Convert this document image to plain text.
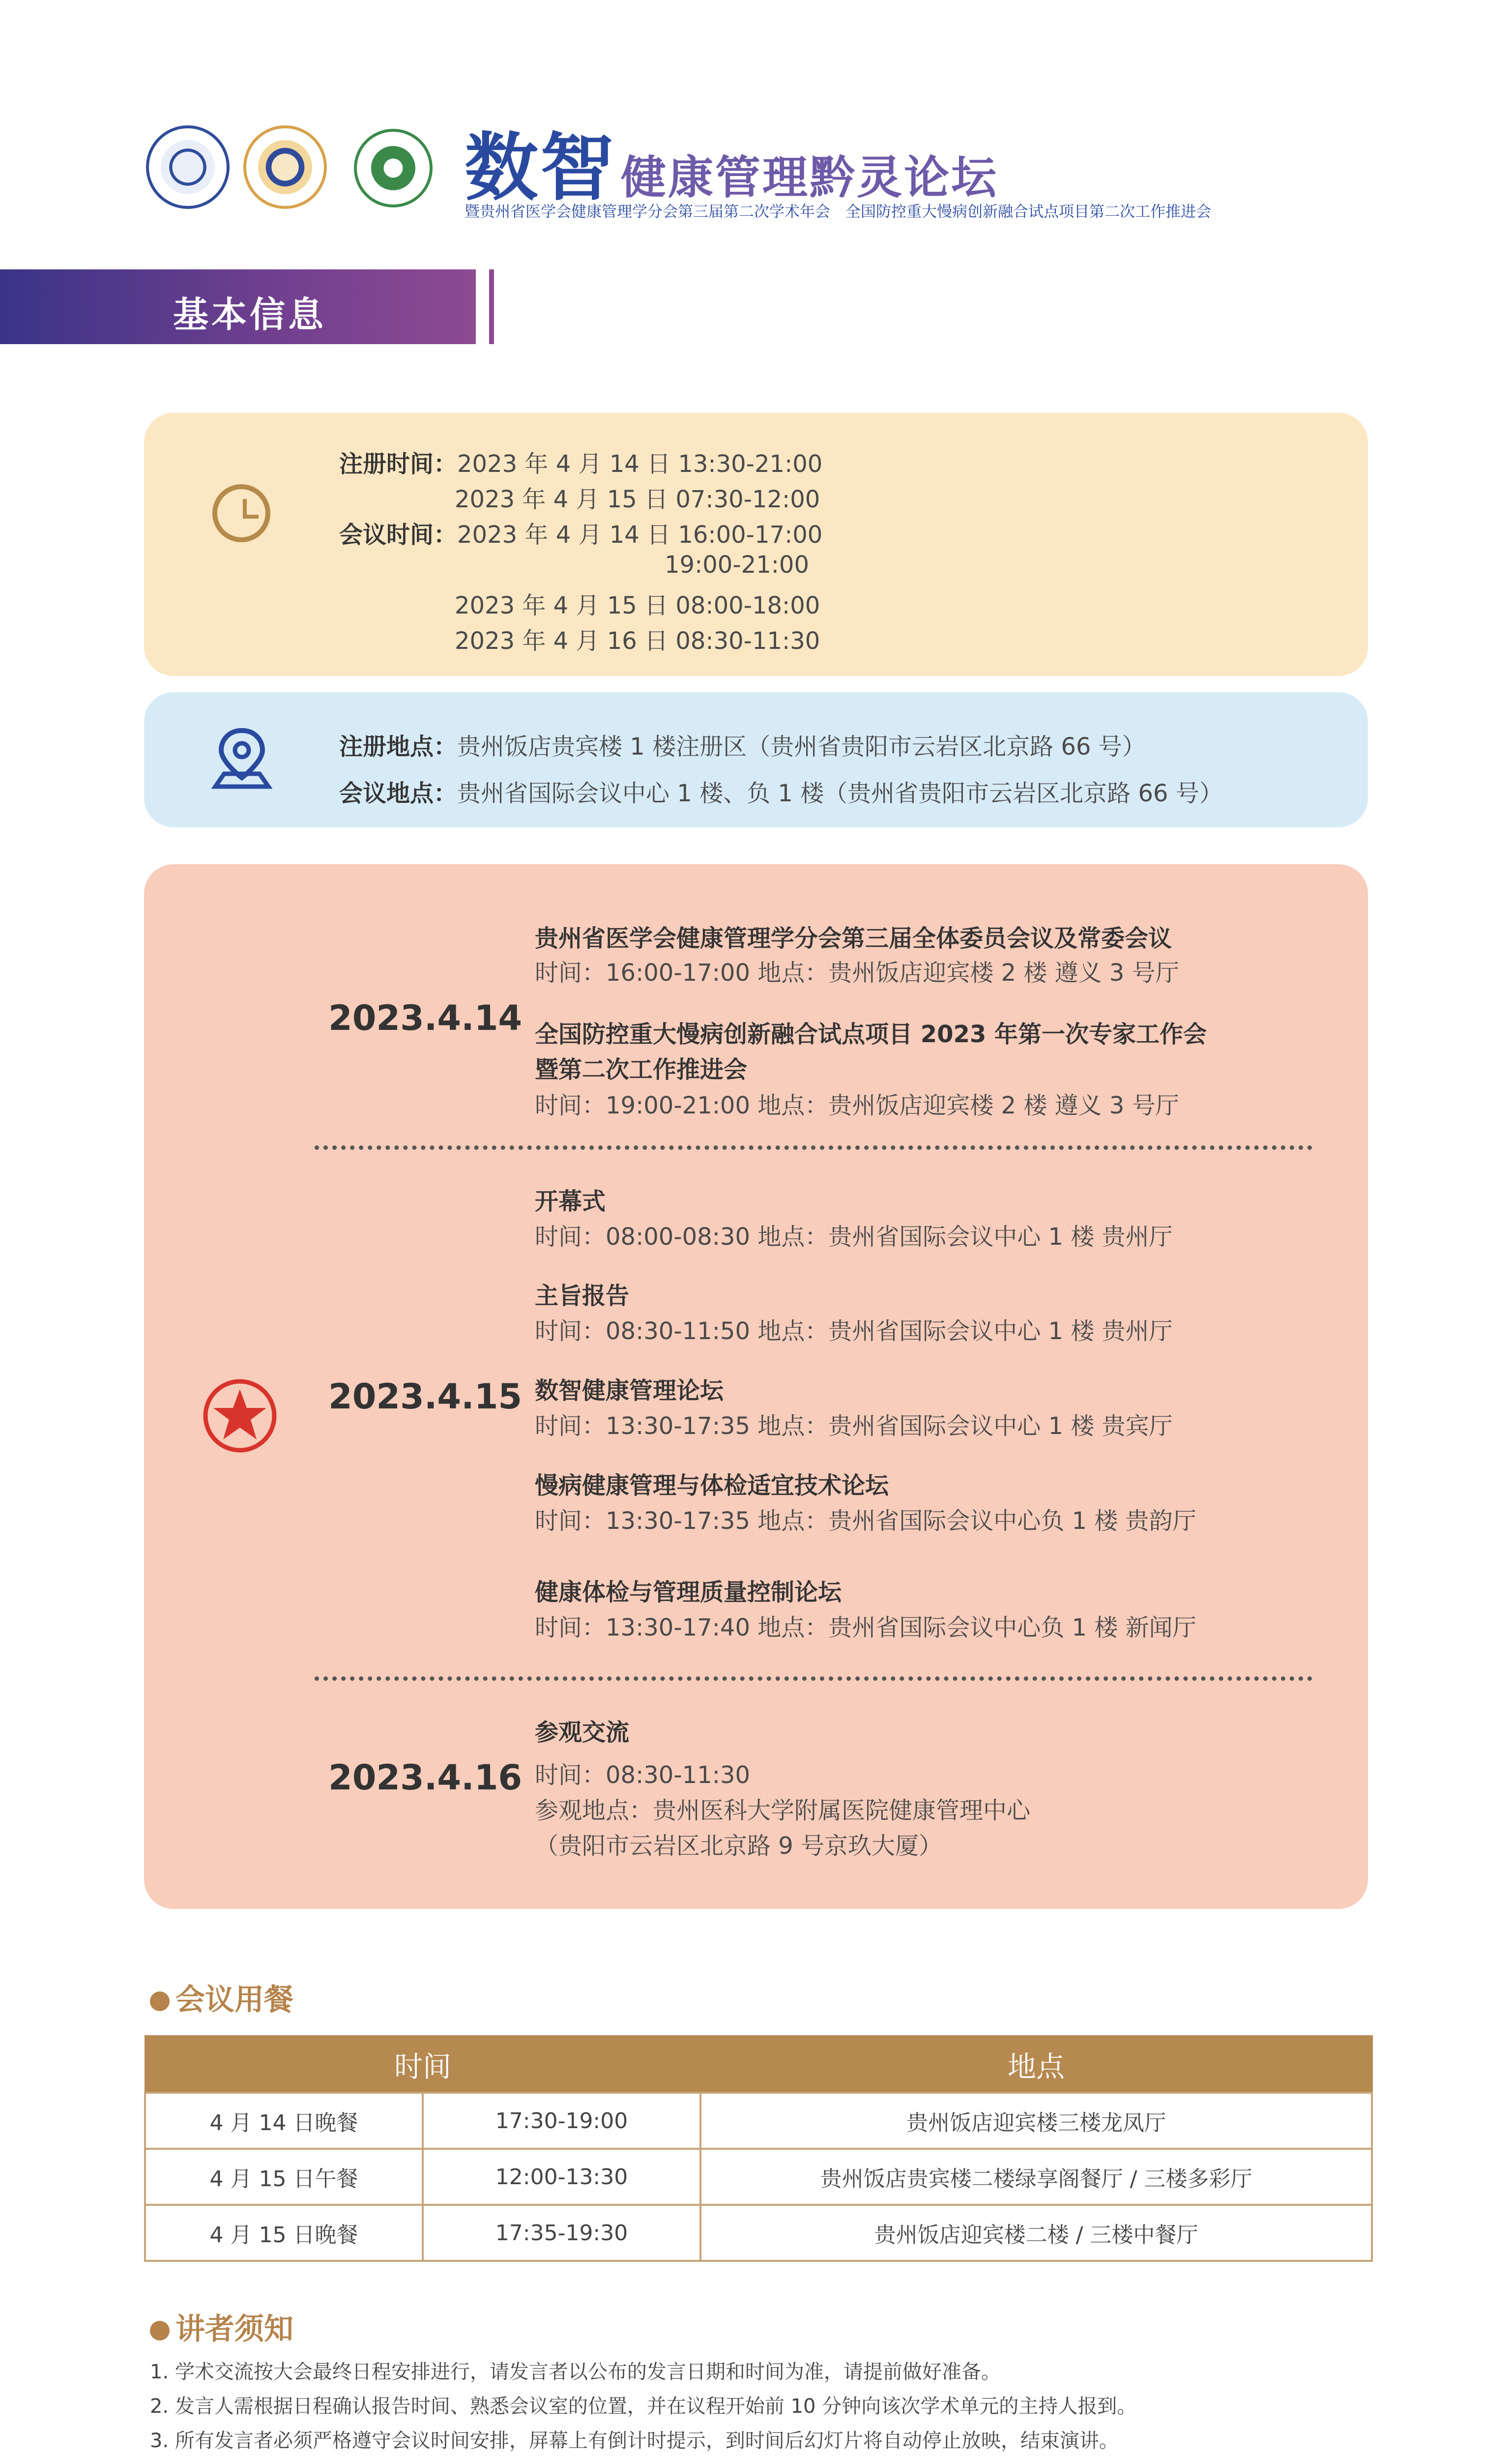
数智 健康管理黔灵论坛
暨贵州省医学会健康管理学分会第三届第二次学术年会　全国防控重大慢病创新融合试点项目第二次工作推进会
基本信息
注册时间：2023 年 4 月 14 日 13:30-21:00
2023 年 4 月 15 日 07:30-12:00
会议时间：2023 年 4 月 14 日 16:00-17:00
19:00-21:00
2023 年 4 月 15 日 08:00-18:00
2023 年 4 月 16 日 08:30-11:30
注册地点：贵州饭店贵宾楼 1 楼注册区（贵州省贵阳市云岩区北京路 66 号）
会议地点：贵州省国际会议中心 1 楼、负 1 楼（贵州省贵阳市云岩区北京路 66 号）
2023.4.14
贵州省医学会健康管理学分会第三届全体委员会议及常委会议
时间：16:00-17:00 地点：贵州饭店迎宾楼 2 楼 遵义 3 号厅
全国防控重大慢病创新融合试点项目 2023 年第一次专家工作会
暨第二次工作推进会
时间：19:00-21:00 地点：贵州饭店迎宾楼 2 楼 遵义 3 号厅
2023.4.15
开幕式
时间：08:00-08:30 地点：贵州省国际会议中心 1 楼 贵州厅
主旨报告
时间：08:30-11:50 地点：贵州省国际会议中心 1 楼 贵州厅
数智健康管理论坛
时间：13:30-17:35 地点：贵州省国际会议中心 1 楼 贵宾厅
慢病健康管理与体检适宜技术论坛
时间：13:30-17:35 地点：贵州省国际会议中心负 1 楼 贵韵厅
健康体检与管理质量控制论坛
时间：13:30-17:40 地点：贵州省国际会议中心负 1 楼 新闻厅
2023.4.16
参观交流
时间：08:30-11:30
参观地点：贵州医科大学附属医院健康管理中心
（贵阳市云岩区北京路 9 号京玖大厦）
会议用餐
时间		地点
4 月 14 日晚餐	17:30-19:00	贵州饭店迎宾楼三楼龙凤厅
4 月 15 日午餐	12:00-13:30	贵州饭店贵宾楼二楼绿享阁餐厅 / 三楼多彩厅
4 月 15 日晚餐	17:35-19:30	贵州饭店迎宾楼二楼 / 三楼中餐厅
讲者须知
1. 学术交流按大会最终日程安排进行，请发言者以公布的发言日期和时间为准，请提前做好准备。
2. 发言人需根据日程确认报告时间、熟悉会议室的位置，并在议程开始前 10 分钟向该次学术单元的主持人报到。
3. 所有发言者必须严格遵守会议时间安排，屏幕上有倒计时提示，到时间后幻灯片将自动停止放映，结束演讲。
